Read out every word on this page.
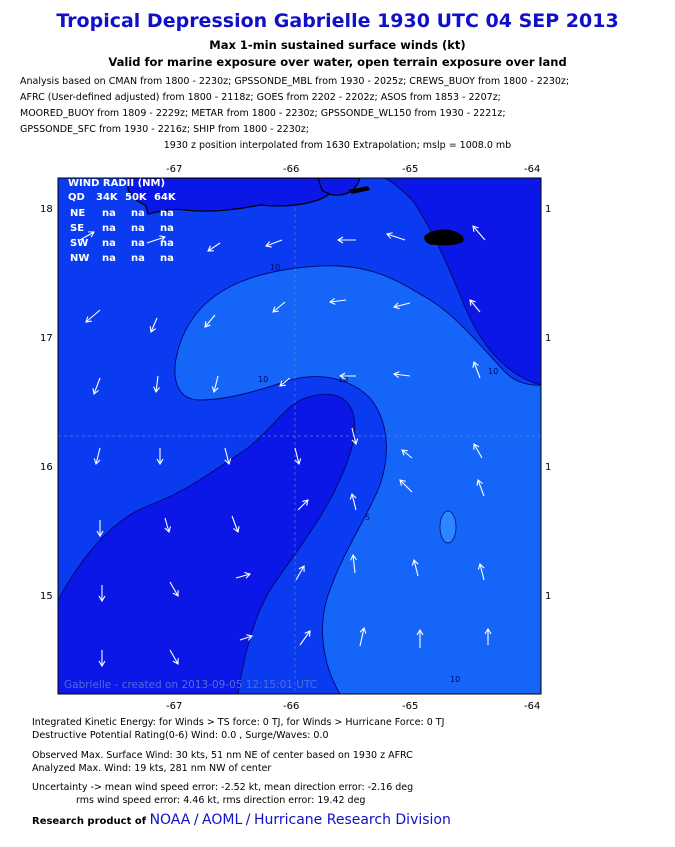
Tropical Depression Gabrielle 1930 UTC 04 SEP 2013
Max 1-min sustained surface winds (kt)
Valid for marine exposure over water, open terrain exposure over land
Analysis based on CMAN from 1800 - 2230z; GPSSONDE_MBL from 1930 - 2025z; CREWS_BUOY from 1800 - 2230z;
AFRC (User-defined adjusted) from 1800 - 2118z; GOES from 2202 - 2202z; ASOS from 1853 - 2207z;
MOORED_BUOY from 1809 - 2229z; METAR from 1800 - 2230z; GPSSONDE_WL150 from 1930 - 2221z;
GPSSONDE_SFC from 1930 - 2216z; SHIP from 1800 - 2230z;
1930 z position interpolated from 1630 Extrapolation; mslp = 1008.0 mb
10
10	10
10
10
5
WIND RADII (NM)
QD 34K 50K 64K
NE na na na
SE na na na
SW na na na
NW na na na
Gabrielle - created on 2013-09-05 12:15:01 UTC
-67	-66	-65	-64
-67	-66	-65	-64
18
17
16
15
1
1
1
1
Integrated Kinetic Energy: for Winds > TS force: 0 TJ, for Winds > Hurricane Force: 0 TJ
Destructive Potential Rating(0-6) Wind: 0.0 , Surge/Waves: 0.0
Observed Max. Surface Wind: 30 kts, 51 nm NE of center based on 1930 z AFRC
Analyzed Max. Wind: 19 kts, 281 nm NW of center
Uncertainty -> mean wind speed error: -2.52 kt, mean direction error: -2.16 deg
rms wind speed error: 4.46 kt, rms direction error: 19.42 deg
Research product of NOAA / AOML / Hurricane Research Division
